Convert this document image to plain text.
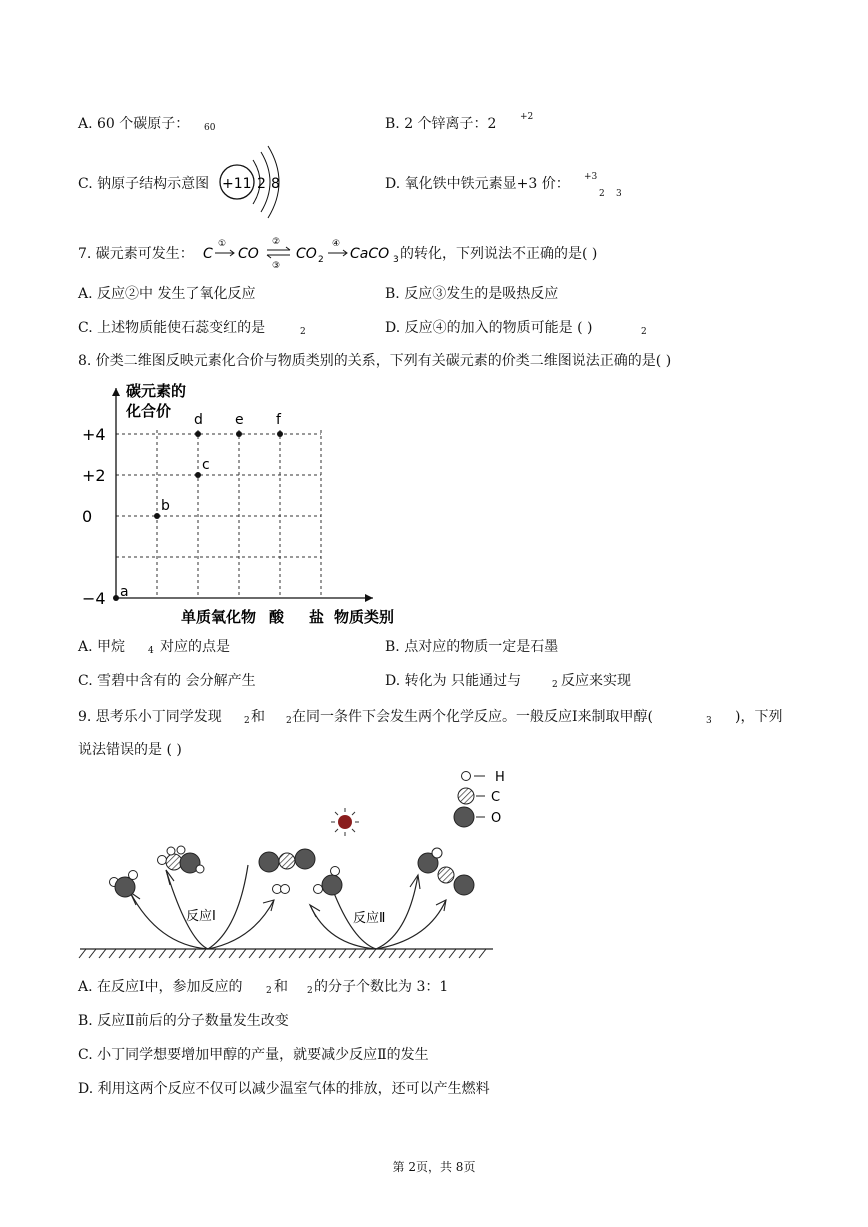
A. 60 个碳原子： 60	B. 2 个锌离子：2	+2
C. 钠原子结构示意图 +11 2 8	D. 氧化铁中铁元素显+3 价： +3
2 3
7. 碳元素可发生： C
①
CO
②
③
CO 2
④
CaCO 3 的转化，下列说法不正确的是( )
A. 反应②中 发生了氧化反应	B. 反应③发生的是吸热反应
C. 上述物质能使石蕊变红的是	2	D. 反应④的加入的物质可能是 ( )	2
8. 价类二维图反映元素化合价与物质类别的关系，下列有关碳元素的价类二维图说法正确的是( )
碳元素的
化合价
+4
+2
0
−4
单质 氧化物 酸 盐
a
b
c
d e f
物质类别
A. 甲烷	4 对应的点是	B. 点对应的物质一定是石墨
C. 雪碧中含有的 会分解产生	D. 转化为 只能通过与	2 反应来实现
9. 思考乐小丁同学发现 2 和 2 在同一条件下会发生两个化学反应。一般反应Ⅰ来制取甲醇(	3 )，下列
说法错误的是 ( )
H
C
O
反应Ⅰ	反应Ⅱ
A. 在反应Ⅰ中，参加反应的	2 和 2 的分子个数比为 3：1
B. 反应Ⅱ前后的分子数量发生改变
C. 小丁同学想要增加甲醇的产量，就要减少反应Ⅱ的发生
D. 利用这两个反应不仅可以减少温室气体的排放，还可以产生燃料
第 2页，共 8页
